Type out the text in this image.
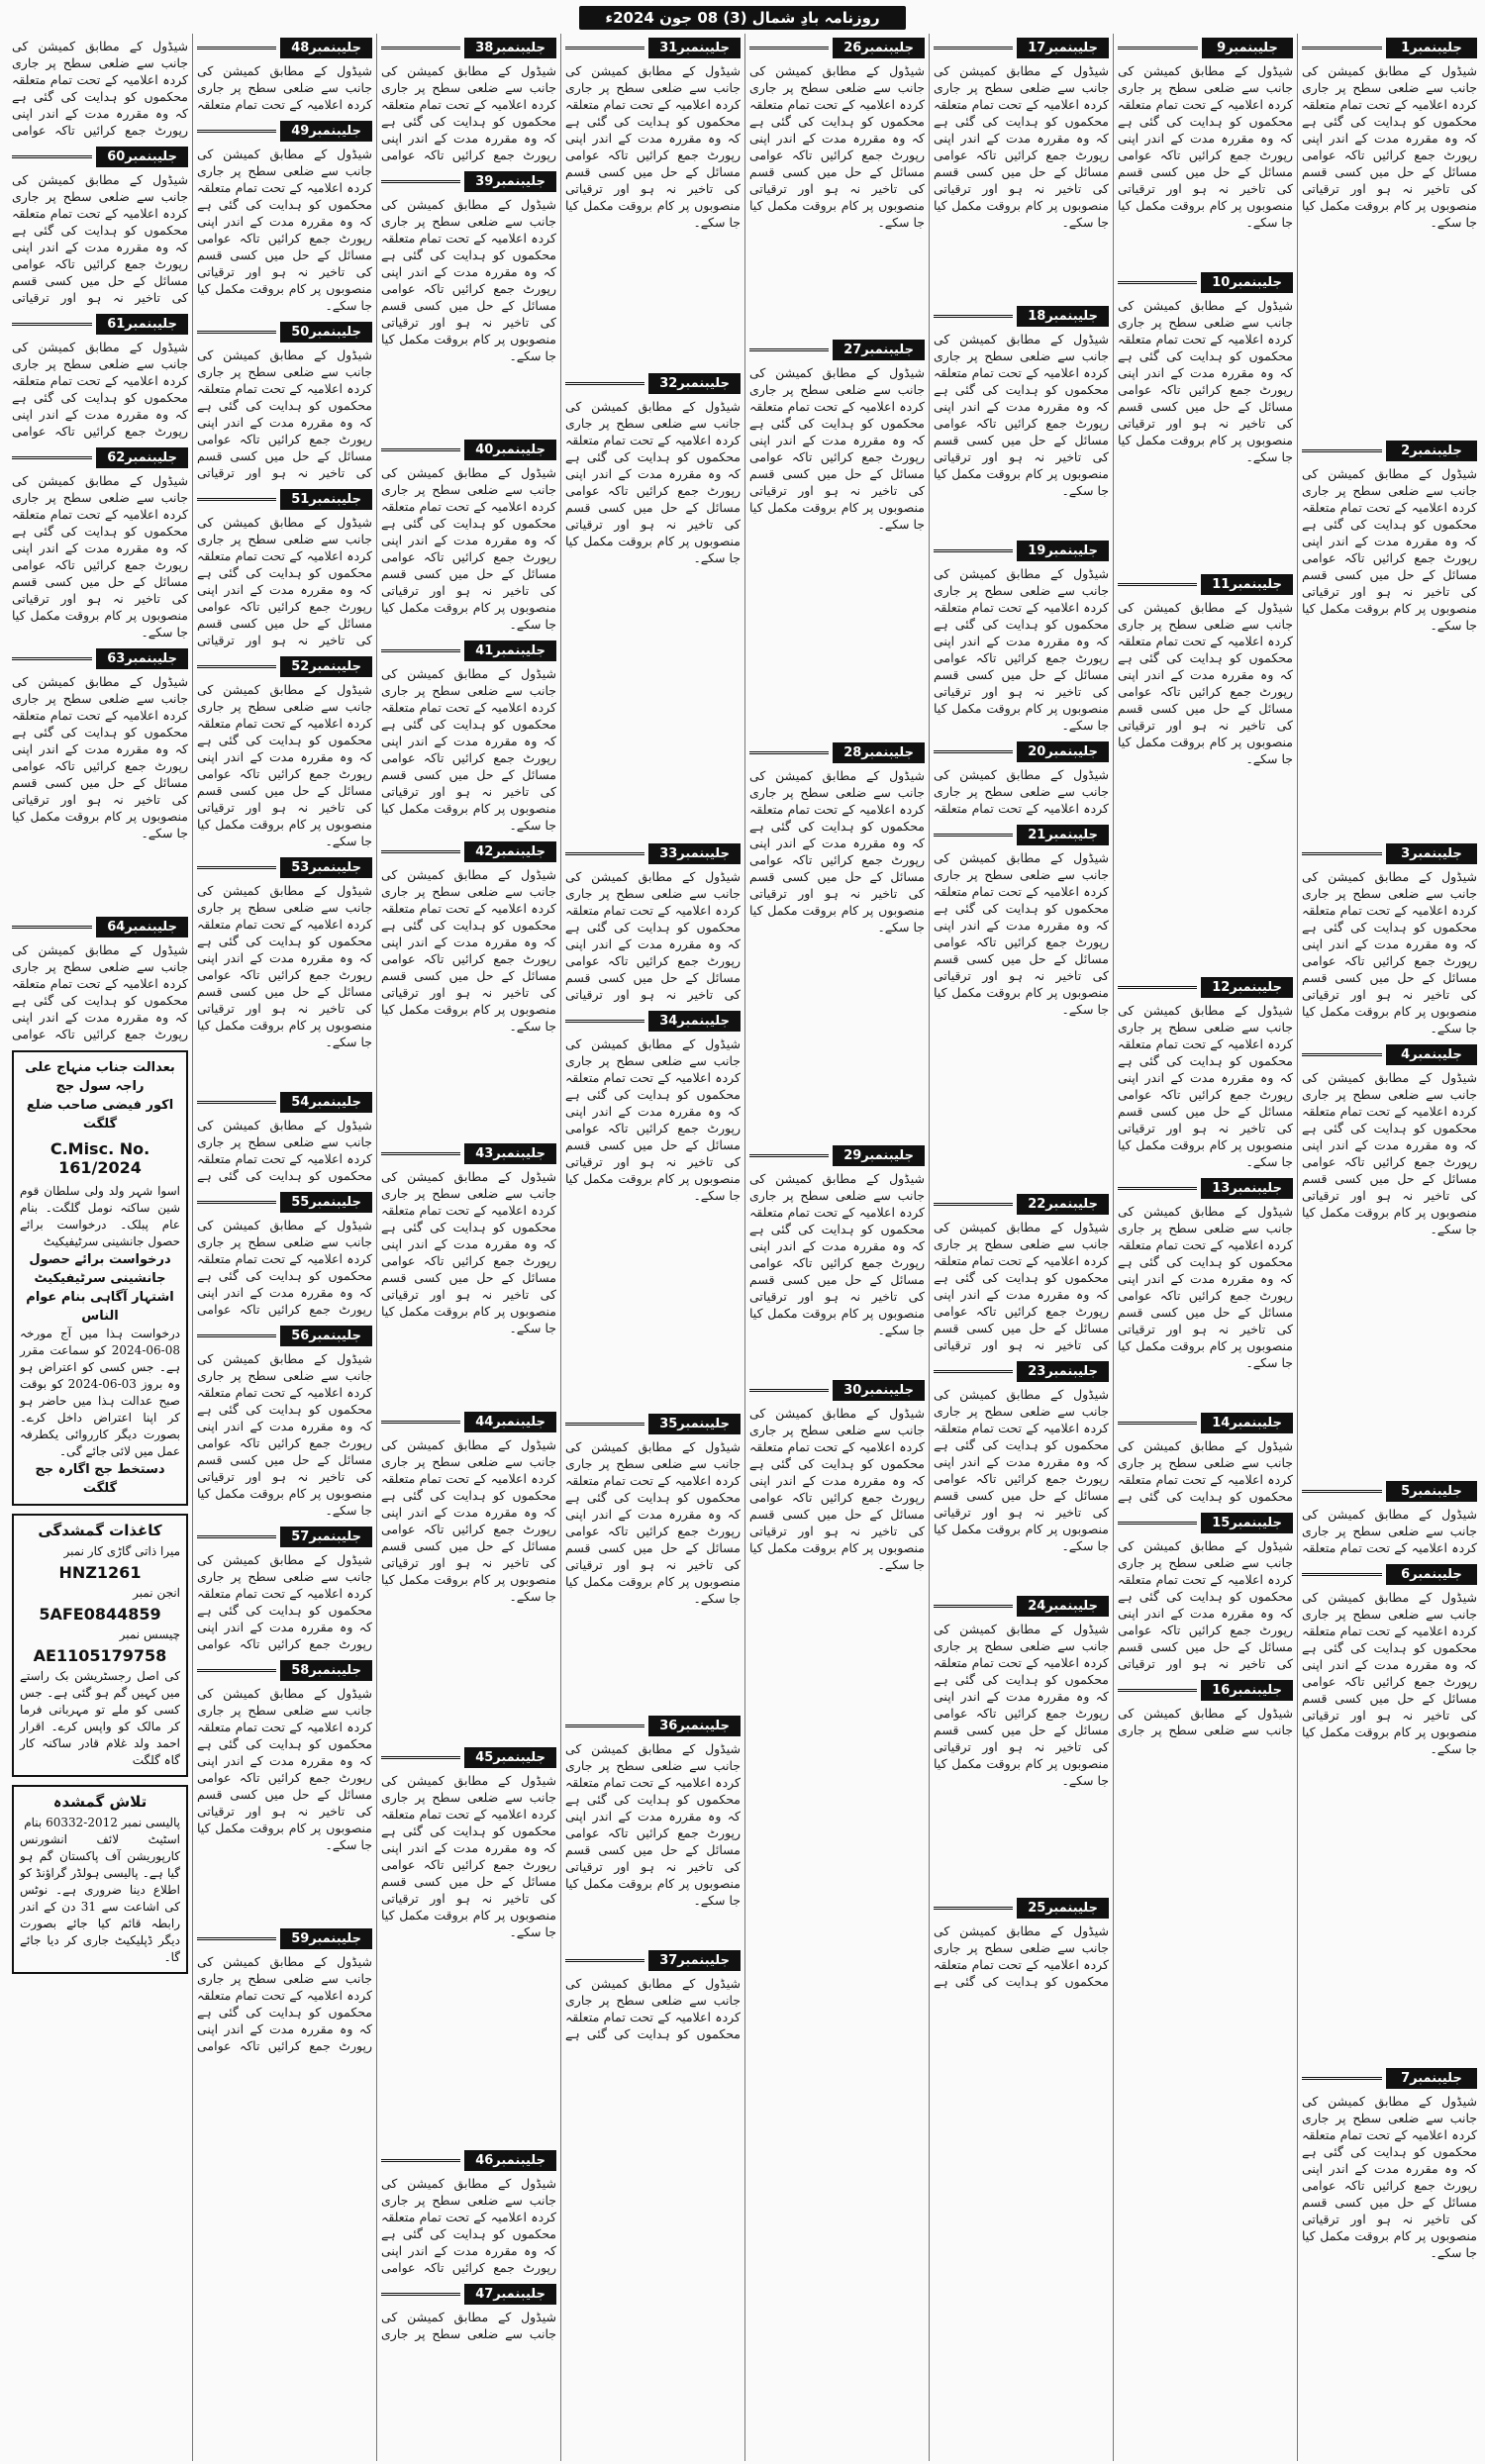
روزنامہ بادِ شمال (3) 08 جون 2024ء
جلیبنمبر1

شیڈول کے مطابق کمیشن کی جانب سے ضلعی سطح پر جاری کردہ اعلامیہ کے تحت تمام متعلقہ محکموں کو ہدایت کی گئی ہے کہ وہ مقررہ مدت کے اندر اپنی رپورٹ جمع کرائیں تاکہ عوامی مسائل کے حل میں کسی قسم کی تاخیر نہ ہو اور ترقیاتی منصوبوں پر کام بروقت مکمل کیا جا سکے۔

جلیبنمبر2

شیڈول کے مطابق کمیشن کی جانب سے ضلعی سطح پر جاری کردہ اعلامیہ کے تحت تمام متعلقہ محکموں کو ہدایت کی گئی ہے کہ وہ مقررہ مدت کے اندر اپنی رپورٹ جمع کرائیں تاکہ عوامی مسائل کے حل میں کسی قسم کی تاخیر نہ ہو اور ترقیاتی منصوبوں پر کام بروقت مکمل کیا جا سکے۔

جلیبنمبر3

شیڈول کے مطابق کمیشن کی جانب سے ضلعی سطح پر جاری کردہ اعلامیہ کے تحت تمام متعلقہ محکموں کو ہدایت کی گئی ہے کہ وہ مقررہ مدت کے اندر اپنی رپورٹ جمع کرائیں تاکہ عوامی مسائل کے حل میں کسی قسم کی تاخیر نہ ہو اور ترقیاتی منصوبوں پر کام بروقت مکمل کیا جا سکے۔

جلیبنمبر4

شیڈول کے مطابق کمیشن کی جانب سے ضلعی سطح پر جاری کردہ اعلامیہ کے تحت تمام متعلقہ محکموں کو ہدایت کی گئی ہے کہ وہ مقررہ مدت کے اندر اپنی رپورٹ جمع کرائیں تاکہ عوامی مسائل کے حل میں کسی قسم کی تاخیر نہ ہو اور ترقیاتی منصوبوں پر کام بروقت مکمل کیا جا سکے۔

جلیبنمبر5

شیڈول کے مطابق کمیشن کی جانب سے ضلعی سطح پر جاری کردہ اعلامیہ کے تحت تمام متعلقہ

جلیبنمبر6

شیڈول کے مطابق کمیشن کی جانب سے ضلعی سطح پر جاری کردہ اعلامیہ کے تحت تمام متعلقہ محکموں کو ہدایت کی گئی ہے کہ وہ مقررہ مدت کے اندر اپنی رپورٹ جمع کرائیں تاکہ عوامی مسائل کے حل میں کسی قسم کی تاخیر نہ ہو اور ترقیاتی منصوبوں پر کام بروقت مکمل کیا جا سکے۔

جلیبنمبر7

شیڈول کے مطابق کمیشن کی جانب سے ضلعی سطح پر جاری کردہ اعلامیہ کے تحت تمام متعلقہ محکموں کو ہدایت کی گئی ہے کہ وہ مقررہ مدت کے اندر اپنی رپورٹ جمع کرائیں تاکہ عوامی مسائل کے حل میں کسی قسم کی تاخیر نہ ہو اور ترقیاتی منصوبوں پر کام بروقت مکمل کیا جا سکے۔

جلیبنمبر9

شیڈول کے مطابق کمیشن کی جانب سے ضلعی سطح پر جاری کردہ اعلامیہ کے تحت تمام متعلقہ محکموں کو ہدایت کی گئی ہے کہ وہ مقررہ مدت کے اندر اپنی رپورٹ جمع کرائیں تاکہ عوامی مسائل کے حل میں کسی قسم کی تاخیر نہ ہو اور ترقیاتی منصوبوں پر کام بروقت مکمل کیا جا سکے۔

جلیبنمبر10

شیڈول کے مطابق کمیشن کی جانب سے ضلعی سطح پر جاری کردہ اعلامیہ کے تحت تمام متعلقہ محکموں کو ہدایت کی گئی ہے کہ وہ مقررہ مدت کے اندر اپنی رپورٹ جمع کرائیں تاکہ عوامی مسائل کے حل میں کسی قسم کی تاخیر نہ ہو اور ترقیاتی منصوبوں پر کام بروقت مکمل کیا جا سکے۔

جلیبنمبر11

شیڈول کے مطابق کمیشن کی جانب سے ضلعی سطح پر جاری کردہ اعلامیہ کے تحت تمام متعلقہ محکموں کو ہدایت کی گئی ہے کہ وہ مقررہ مدت کے اندر اپنی رپورٹ جمع کرائیں تاکہ عوامی مسائل کے حل میں کسی قسم کی تاخیر نہ ہو اور ترقیاتی منصوبوں پر کام بروقت مکمل کیا جا سکے۔

جلیبنمبر12

شیڈول کے مطابق کمیشن کی جانب سے ضلعی سطح پر جاری کردہ اعلامیہ کے تحت تمام متعلقہ محکموں کو ہدایت کی گئی ہے کہ وہ مقررہ مدت کے اندر اپنی رپورٹ جمع کرائیں تاکہ عوامی مسائل کے حل میں کسی قسم کی تاخیر نہ ہو اور ترقیاتی منصوبوں پر کام بروقت مکمل کیا جا سکے۔

جلیبنمبر13

شیڈول کے مطابق کمیشن کی جانب سے ضلعی سطح پر جاری کردہ اعلامیہ کے تحت تمام متعلقہ محکموں کو ہدایت کی گئی ہے کہ وہ مقررہ مدت کے اندر اپنی رپورٹ جمع کرائیں تاکہ عوامی مسائل کے حل میں کسی قسم کی تاخیر نہ ہو اور ترقیاتی منصوبوں پر کام بروقت مکمل کیا جا سکے۔

جلیبنمبر14

شیڈول کے مطابق کمیشن کی جانب سے ضلعی سطح پر جاری کردہ اعلامیہ کے تحت تمام متعلقہ محکموں کو ہدایت کی گئی ہے

جلیبنمبر15

شیڈول کے مطابق کمیشن کی جانب سے ضلعی سطح پر جاری کردہ اعلامیہ کے تحت تمام متعلقہ محکموں کو ہدایت کی گئی ہے کہ وہ مقررہ مدت کے اندر اپنی رپورٹ جمع کرائیں تاکہ عوامی مسائل کے حل میں کسی قسم کی تاخیر نہ ہو اور ترقیاتی

جلیبنمبر16

شیڈول کے مطابق کمیشن کی جانب سے ضلعی سطح پر جاری

جلیبنمبر17

شیڈول کے مطابق کمیشن کی جانب سے ضلعی سطح پر جاری کردہ اعلامیہ کے تحت تمام متعلقہ محکموں کو ہدایت کی گئی ہے کہ وہ مقررہ مدت کے اندر اپنی رپورٹ جمع کرائیں تاکہ عوامی مسائل کے حل میں کسی قسم کی تاخیر نہ ہو اور ترقیاتی منصوبوں پر کام بروقت مکمل کیا جا سکے۔

جلیبنمبر18

شیڈول کے مطابق کمیشن کی جانب سے ضلعی سطح پر جاری کردہ اعلامیہ کے تحت تمام متعلقہ محکموں کو ہدایت کی گئی ہے کہ وہ مقررہ مدت کے اندر اپنی رپورٹ جمع کرائیں تاکہ عوامی مسائل کے حل میں کسی قسم کی تاخیر نہ ہو اور ترقیاتی منصوبوں پر کام بروقت مکمل کیا جا سکے۔

جلیبنمبر19

شیڈول کے مطابق کمیشن کی جانب سے ضلعی سطح پر جاری کردہ اعلامیہ کے تحت تمام متعلقہ محکموں کو ہدایت کی گئی ہے کہ وہ مقررہ مدت کے اندر اپنی رپورٹ جمع کرائیں تاکہ عوامی مسائل کے حل میں کسی قسم کی تاخیر نہ ہو اور ترقیاتی منصوبوں پر کام بروقت مکمل کیا جا سکے۔

جلیبنمبر20

شیڈول کے مطابق کمیشن کی جانب سے ضلعی سطح پر جاری کردہ اعلامیہ کے تحت تمام متعلقہ

جلیبنمبر21

شیڈول کے مطابق کمیشن کی جانب سے ضلعی سطح پر جاری کردہ اعلامیہ کے تحت تمام متعلقہ محکموں کو ہدایت کی گئی ہے کہ وہ مقررہ مدت کے اندر اپنی رپورٹ جمع کرائیں تاکہ عوامی مسائل کے حل میں کسی قسم کی تاخیر نہ ہو اور ترقیاتی منصوبوں پر کام بروقت مکمل کیا جا سکے۔

جلیبنمبر22

شیڈول کے مطابق کمیشن کی جانب سے ضلعی سطح پر جاری کردہ اعلامیہ کے تحت تمام متعلقہ محکموں کو ہدایت کی گئی ہے کہ وہ مقررہ مدت کے اندر اپنی رپورٹ جمع کرائیں تاکہ عوامی مسائل کے حل میں کسی قسم کی تاخیر نہ ہو اور ترقیاتی

جلیبنمبر23

شیڈول کے مطابق کمیشن کی جانب سے ضلعی سطح پر جاری کردہ اعلامیہ کے تحت تمام متعلقہ محکموں کو ہدایت کی گئی ہے کہ وہ مقررہ مدت کے اندر اپنی رپورٹ جمع کرائیں تاکہ عوامی مسائل کے حل میں کسی قسم کی تاخیر نہ ہو اور ترقیاتی منصوبوں پر کام بروقت مکمل کیا جا سکے۔

جلیبنمبر24

شیڈول کے مطابق کمیشن کی جانب سے ضلعی سطح پر جاری کردہ اعلامیہ کے تحت تمام متعلقہ محکموں کو ہدایت کی گئی ہے کہ وہ مقررہ مدت کے اندر اپنی رپورٹ جمع کرائیں تاکہ عوامی مسائل کے حل میں کسی قسم کی تاخیر نہ ہو اور ترقیاتی منصوبوں پر کام بروقت مکمل کیا جا سکے۔

جلیبنمبر25

شیڈول کے مطابق کمیشن کی جانب سے ضلعی سطح پر جاری کردہ اعلامیہ کے تحت تمام متعلقہ محکموں کو ہدایت کی گئی ہے

جلیبنمبر26

شیڈول کے مطابق کمیشن کی جانب سے ضلعی سطح پر جاری کردہ اعلامیہ کے تحت تمام متعلقہ محکموں کو ہدایت کی گئی ہے کہ وہ مقررہ مدت کے اندر اپنی رپورٹ جمع کرائیں تاکہ عوامی مسائل کے حل میں کسی قسم کی تاخیر نہ ہو اور ترقیاتی منصوبوں پر کام بروقت مکمل کیا جا سکے۔

جلیبنمبر27

شیڈول کے مطابق کمیشن کی جانب سے ضلعی سطح پر جاری کردہ اعلامیہ کے تحت تمام متعلقہ محکموں کو ہدایت کی گئی ہے کہ وہ مقررہ مدت کے اندر اپنی رپورٹ جمع کرائیں تاکہ عوامی مسائل کے حل میں کسی قسم کی تاخیر نہ ہو اور ترقیاتی منصوبوں پر کام بروقت مکمل کیا جا سکے۔

جلیبنمبر28

شیڈول کے مطابق کمیشن کی جانب سے ضلعی سطح پر جاری کردہ اعلامیہ کے تحت تمام متعلقہ محکموں کو ہدایت کی گئی ہے کہ وہ مقررہ مدت کے اندر اپنی رپورٹ جمع کرائیں تاکہ عوامی مسائل کے حل میں کسی قسم کی تاخیر نہ ہو اور ترقیاتی منصوبوں پر کام بروقت مکمل کیا جا سکے۔

جلیبنمبر29

شیڈول کے مطابق کمیشن کی جانب سے ضلعی سطح پر جاری کردہ اعلامیہ کے تحت تمام متعلقہ محکموں کو ہدایت کی گئی ہے کہ وہ مقررہ مدت کے اندر اپنی رپورٹ جمع کرائیں تاکہ عوامی مسائل کے حل میں کسی قسم کی تاخیر نہ ہو اور ترقیاتی منصوبوں پر کام بروقت مکمل کیا جا سکے۔

جلیبنمبر30

شیڈول کے مطابق کمیشن کی جانب سے ضلعی سطح پر جاری کردہ اعلامیہ کے تحت تمام متعلقہ محکموں کو ہدایت کی گئی ہے کہ وہ مقررہ مدت کے اندر اپنی رپورٹ جمع کرائیں تاکہ عوامی مسائل کے حل میں کسی قسم کی تاخیر نہ ہو اور ترقیاتی منصوبوں پر کام بروقت مکمل کیا جا سکے۔

جلیبنمبر31

شیڈول کے مطابق کمیشن کی جانب سے ضلعی سطح پر جاری کردہ اعلامیہ کے تحت تمام متعلقہ محکموں کو ہدایت کی گئی ہے کہ وہ مقررہ مدت کے اندر اپنی رپورٹ جمع کرائیں تاکہ عوامی مسائل کے حل میں کسی قسم کی تاخیر نہ ہو اور ترقیاتی منصوبوں پر کام بروقت مکمل کیا جا سکے۔

جلیبنمبر32

شیڈول کے مطابق کمیشن کی جانب سے ضلعی سطح پر جاری کردہ اعلامیہ کے تحت تمام متعلقہ محکموں کو ہدایت کی گئی ہے کہ وہ مقررہ مدت کے اندر اپنی رپورٹ جمع کرائیں تاکہ عوامی مسائل کے حل میں کسی قسم کی تاخیر نہ ہو اور ترقیاتی منصوبوں پر کام بروقت مکمل کیا جا سکے۔

جلیبنمبر33

شیڈول کے مطابق کمیشن کی جانب سے ضلعی سطح پر جاری کردہ اعلامیہ کے تحت تمام متعلقہ محکموں کو ہدایت کی گئی ہے کہ وہ مقررہ مدت کے اندر اپنی رپورٹ جمع کرائیں تاکہ عوامی مسائل کے حل میں کسی قسم کی تاخیر نہ ہو اور ترقیاتی

جلیبنمبر34

شیڈول کے مطابق کمیشن کی جانب سے ضلعی سطح پر جاری کردہ اعلامیہ کے تحت تمام متعلقہ محکموں کو ہدایت کی گئی ہے کہ وہ مقررہ مدت کے اندر اپنی رپورٹ جمع کرائیں تاکہ عوامی مسائل کے حل میں کسی قسم کی تاخیر نہ ہو اور ترقیاتی منصوبوں پر کام بروقت مکمل کیا جا سکے۔

جلیبنمبر35

شیڈول کے مطابق کمیشن کی جانب سے ضلعی سطح پر جاری کردہ اعلامیہ کے تحت تمام متعلقہ محکموں کو ہدایت کی گئی ہے کہ وہ مقررہ مدت کے اندر اپنی رپورٹ جمع کرائیں تاکہ عوامی مسائل کے حل میں کسی قسم کی تاخیر نہ ہو اور ترقیاتی منصوبوں پر کام بروقت مکمل کیا جا سکے۔

جلیبنمبر36

شیڈول کے مطابق کمیشن کی جانب سے ضلعی سطح پر جاری کردہ اعلامیہ کے تحت تمام متعلقہ محکموں کو ہدایت کی گئی ہے کہ وہ مقررہ مدت کے اندر اپنی رپورٹ جمع کرائیں تاکہ عوامی مسائل کے حل میں کسی قسم کی تاخیر نہ ہو اور ترقیاتی منصوبوں پر کام بروقت مکمل کیا جا سکے۔

جلیبنمبر37

شیڈول کے مطابق کمیشن کی جانب سے ضلعی سطح پر جاری کردہ اعلامیہ کے تحت تمام متعلقہ محکموں کو ہدایت کی گئی ہے

جلیبنمبر38

شیڈول کے مطابق کمیشن کی جانب سے ضلعی سطح پر جاری کردہ اعلامیہ کے تحت تمام متعلقہ محکموں کو ہدایت کی گئی ہے کہ وہ مقررہ مدت کے اندر اپنی رپورٹ جمع کرائیں تاکہ عوامی

جلیبنمبر39

شیڈول کے مطابق کمیشن کی جانب سے ضلعی سطح پر جاری کردہ اعلامیہ کے تحت تمام متعلقہ محکموں کو ہدایت کی گئی ہے کہ وہ مقررہ مدت کے اندر اپنی رپورٹ جمع کرائیں تاکہ عوامی مسائل کے حل میں کسی قسم کی تاخیر نہ ہو اور ترقیاتی منصوبوں پر کام بروقت مکمل کیا جا سکے۔

جلیبنمبر40

شیڈول کے مطابق کمیشن کی جانب سے ضلعی سطح پر جاری کردہ اعلامیہ کے تحت تمام متعلقہ محکموں کو ہدایت کی گئی ہے کہ وہ مقررہ مدت کے اندر اپنی رپورٹ جمع کرائیں تاکہ عوامی مسائل کے حل میں کسی قسم کی تاخیر نہ ہو اور ترقیاتی منصوبوں پر کام بروقت مکمل کیا جا سکے۔

جلیبنمبر41

شیڈول کے مطابق کمیشن کی جانب سے ضلعی سطح پر جاری کردہ اعلامیہ کے تحت تمام متعلقہ محکموں کو ہدایت کی گئی ہے کہ وہ مقررہ مدت کے اندر اپنی رپورٹ جمع کرائیں تاکہ عوامی مسائل کے حل میں کسی قسم کی تاخیر نہ ہو اور ترقیاتی منصوبوں پر کام بروقت مکمل کیا جا سکے۔

جلیبنمبر42

شیڈول کے مطابق کمیشن کی جانب سے ضلعی سطح پر جاری کردہ اعلامیہ کے تحت تمام متعلقہ محکموں کو ہدایت کی گئی ہے کہ وہ مقررہ مدت کے اندر اپنی رپورٹ جمع کرائیں تاکہ عوامی مسائل کے حل میں کسی قسم کی تاخیر نہ ہو اور ترقیاتی منصوبوں پر کام بروقت مکمل کیا جا سکے۔

جلیبنمبر43

شیڈول کے مطابق کمیشن کی جانب سے ضلعی سطح پر جاری کردہ اعلامیہ کے تحت تمام متعلقہ محکموں کو ہدایت کی گئی ہے کہ وہ مقررہ مدت کے اندر اپنی رپورٹ جمع کرائیں تاکہ عوامی مسائل کے حل میں کسی قسم کی تاخیر نہ ہو اور ترقیاتی منصوبوں پر کام بروقت مکمل کیا جا سکے۔

جلیبنمبر44

شیڈول کے مطابق کمیشن کی جانب سے ضلعی سطح پر جاری کردہ اعلامیہ کے تحت تمام متعلقہ محکموں کو ہدایت کی گئی ہے کہ وہ مقررہ مدت کے اندر اپنی رپورٹ جمع کرائیں تاکہ عوامی مسائل کے حل میں کسی قسم کی تاخیر نہ ہو اور ترقیاتی منصوبوں پر کام بروقت مکمل کیا جا سکے۔

جلیبنمبر45

شیڈول کے مطابق کمیشن کی جانب سے ضلعی سطح پر جاری کردہ اعلامیہ کے تحت تمام متعلقہ محکموں کو ہدایت کی گئی ہے کہ وہ مقررہ مدت کے اندر اپنی رپورٹ جمع کرائیں تاکہ عوامی مسائل کے حل میں کسی قسم کی تاخیر نہ ہو اور ترقیاتی منصوبوں پر کام بروقت مکمل کیا جا سکے۔

جلیبنمبر46

شیڈول کے مطابق کمیشن کی جانب سے ضلعی سطح پر جاری کردہ اعلامیہ کے تحت تمام متعلقہ محکموں کو ہدایت کی گئی ہے کہ وہ مقررہ مدت کے اندر اپنی رپورٹ جمع کرائیں تاکہ عوامی

جلیبنمبر47

شیڈول کے مطابق کمیشن کی جانب سے ضلعی سطح پر جاری

جلیبنمبر48

شیڈول کے مطابق کمیشن کی جانب سے ضلعی سطح پر جاری کردہ اعلامیہ کے تحت تمام متعلقہ

جلیبنمبر49

شیڈول کے مطابق کمیشن کی جانب سے ضلعی سطح پر جاری کردہ اعلامیہ کے تحت تمام متعلقہ محکموں کو ہدایت کی گئی ہے کہ وہ مقررہ مدت کے اندر اپنی رپورٹ جمع کرائیں تاکہ عوامی مسائل کے حل میں کسی قسم کی تاخیر نہ ہو اور ترقیاتی منصوبوں پر کام بروقت مکمل کیا جا سکے۔

جلیبنمبر50

شیڈول کے مطابق کمیشن کی جانب سے ضلعی سطح پر جاری کردہ اعلامیہ کے تحت تمام متعلقہ محکموں کو ہدایت کی گئی ہے کہ وہ مقررہ مدت کے اندر اپنی رپورٹ جمع کرائیں تاکہ عوامی مسائل کے حل میں کسی قسم کی تاخیر نہ ہو اور ترقیاتی

جلیبنمبر51

شیڈول کے مطابق کمیشن کی جانب سے ضلعی سطح پر جاری کردہ اعلامیہ کے تحت تمام متعلقہ محکموں کو ہدایت کی گئی ہے کہ وہ مقررہ مدت کے اندر اپنی رپورٹ جمع کرائیں تاکہ عوامی مسائل کے حل میں کسی قسم کی تاخیر نہ ہو اور ترقیاتی

جلیبنمبر52

شیڈول کے مطابق کمیشن کی جانب سے ضلعی سطح پر جاری کردہ اعلامیہ کے تحت تمام متعلقہ محکموں کو ہدایت کی گئی ہے کہ وہ مقررہ مدت کے اندر اپنی رپورٹ جمع کرائیں تاکہ عوامی مسائل کے حل میں کسی قسم کی تاخیر نہ ہو اور ترقیاتی منصوبوں پر کام بروقت مکمل کیا جا سکے۔

جلیبنمبر53

شیڈول کے مطابق کمیشن کی جانب سے ضلعی سطح پر جاری کردہ اعلامیہ کے تحت تمام متعلقہ محکموں کو ہدایت کی گئی ہے کہ وہ مقررہ مدت کے اندر اپنی رپورٹ جمع کرائیں تاکہ عوامی مسائل کے حل میں کسی قسم کی تاخیر نہ ہو اور ترقیاتی منصوبوں پر کام بروقت مکمل کیا جا سکے۔

جلیبنمبر54

شیڈول کے مطابق کمیشن کی جانب سے ضلعی سطح پر جاری کردہ اعلامیہ کے تحت تمام متعلقہ محکموں کو ہدایت کی گئی ہے

جلیبنمبر55

شیڈول کے مطابق کمیشن کی جانب سے ضلعی سطح پر جاری کردہ اعلامیہ کے تحت تمام متعلقہ محکموں کو ہدایت کی گئی ہے کہ وہ مقررہ مدت کے اندر اپنی رپورٹ جمع کرائیں تاکہ عوامی

جلیبنمبر56

شیڈول کے مطابق کمیشن کی جانب سے ضلعی سطح پر جاری کردہ اعلامیہ کے تحت تمام متعلقہ محکموں کو ہدایت کی گئی ہے کہ وہ مقررہ مدت کے اندر اپنی رپورٹ جمع کرائیں تاکہ عوامی مسائل کے حل میں کسی قسم کی تاخیر نہ ہو اور ترقیاتی منصوبوں پر کام بروقت مکمل کیا جا سکے۔

جلیبنمبر57

شیڈول کے مطابق کمیشن کی جانب سے ضلعی سطح پر جاری کردہ اعلامیہ کے تحت تمام متعلقہ محکموں کو ہدایت کی گئی ہے کہ وہ مقررہ مدت کے اندر اپنی رپورٹ جمع کرائیں تاکہ عوامی

جلیبنمبر58

شیڈول کے مطابق کمیشن کی جانب سے ضلعی سطح پر جاری کردہ اعلامیہ کے تحت تمام متعلقہ محکموں کو ہدایت کی گئی ہے کہ وہ مقررہ مدت کے اندر اپنی رپورٹ جمع کرائیں تاکہ عوامی مسائل کے حل میں کسی قسم کی تاخیر نہ ہو اور ترقیاتی منصوبوں پر کام بروقت مکمل کیا جا سکے۔

جلیبنمبر59

شیڈول کے مطابق کمیشن کی جانب سے ضلعی سطح پر جاری کردہ اعلامیہ کے تحت تمام متعلقہ محکموں کو ہدایت کی گئی ہے کہ وہ مقررہ مدت کے اندر اپنی رپورٹ جمع کرائیں تاکہ عوامی

شیڈول کے مطابق کمیشن کی جانب سے ضلعی سطح پر جاری کردہ اعلامیہ کے تحت تمام متعلقہ محکموں کو ہدایت کی گئی ہے کہ وہ مقررہ مدت کے اندر اپنی رپورٹ جمع کرائیں تاکہ عوامی

جلیبنمبر60

شیڈول کے مطابق کمیشن کی جانب سے ضلعی سطح پر جاری کردہ اعلامیہ کے تحت تمام متعلقہ محکموں کو ہدایت کی گئی ہے کہ وہ مقررہ مدت کے اندر اپنی رپورٹ جمع کرائیں تاکہ عوامی مسائل کے حل میں کسی قسم کی تاخیر نہ ہو اور ترقیاتی

جلیبنمبر61

شیڈول کے مطابق کمیشن کی جانب سے ضلعی سطح پر جاری کردہ اعلامیہ کے تحت تمام متعلقہ محکموں کو ہدایت کی گئی ہے کہ وہ مقررہ مدت کے اندر اپنی رپورٹ جمع کرائیں تاکہ عوامی

جلیبنمبر62

شیڈول کے مطابق کمیشن کی جانب سے ضلعی سطح پر جاری کردہ اعلامیہ کے تحت تمام متعلقہ محکموں کو ہدایت کی گئی ہے کہ وہ مقررہ مدت کے اندر اپنی رپورٹ جمع کرائیں تاکہ عوامی مسائل کے حل میں کسی قسم کی تاخیر نہ ہو اور ترقیاتی منصوبوں پر کام بروقت مکمل کیا جا سکے۔

جلیبنمبر63

شیڈول کے مطابق کمیشن کی جانب سے ضلعی سطح پر جاری کردہ اعلامیہ کے تحت تمام متعلقہ محکموں کو ہدایت کی گئی ہے کہ وہ مقررہ مدت کے اندر اپنی رپورٹ جمع کرائیں تاکہ عوامی مسائل کے حل میں کسی قسم کی تاخیر نہ ہو اور ترقیاتی منصوبوں پر کام بروقت مکمل کیا جا سکے۔

جلیبنمبر64

شیڈول کے مطابق کمیشن کی جانب سے ضلعی سطح پر جاری کردہ اعلامیہ کے تحت تمام متعلقہ محکموں کو ہدایت کی گئی ہے کہ وہ مقررہ مدت کے اندر اپنی رپورٹ جمع کرائیں تاکہ عوامی

بعدالت جناب منہاج علی راجہ سول جج
اکور فیضی صاحب ضلع گلگت
C.Misc. No. 161/2024
اسوا شہر ولد ولی سلطان قوم شین ساکنہ نومل گلگت۔ بنام عام پبلک۔ درخواست برائے حصول جانشینی سرٹیفیکیٹ
درخواست برائے حصول جانشینی سرٹیفیکیٹ
اشتہار آگاہی بنام عوام الناس
درخواست ہذا میں آج مورخہ 08-06-2024 کو سماعت مقرر ہے۔ جس کسی کو اعتراض ہو وہ بروز 03-06-2024 کو بوقت صبح عدالت ہذا میں حاضر ہو کر اپنا اعتراض داخل کرے۔ بصورت دیگر کارروائی یکطرفہ عمل میں لائی جائے گی۔
دستخط جج اگارہ جج گلگت
کاغذات گمشدگی
میرا ذاتی گاڑی کار نمبر
HNZ1261
انجن نمبر
5AFE0844859
چیسس نمبر
AE1105179758
کی اصل رجسٹریشن بک راستے میں کہیں گم ہو گئی ہے۔ جس کسی کو ملے تو مہربانی فرما کر مالک کو واپس کرے۔ اقرار احمد ولد غلام قادر ساکنہ کار گاہ گلگت
تلاش گمشدہ
پالیسی نمبر 2012-60332 بنام
اسٹیٹ لائف انشورنس کارپوریشن آف پاکستان گم ہو گیا ہے۔ پالیسی ہولڈر گراؤنڈ کو اطلاع دینا ضروری ہے۔ نوٹس کی اشاعت سے 31 دن کے اندر رابطہ قائم کیا جائے بصورت دیگر ڈپلیکیٹ جاری کر دیا جائے گا۔
